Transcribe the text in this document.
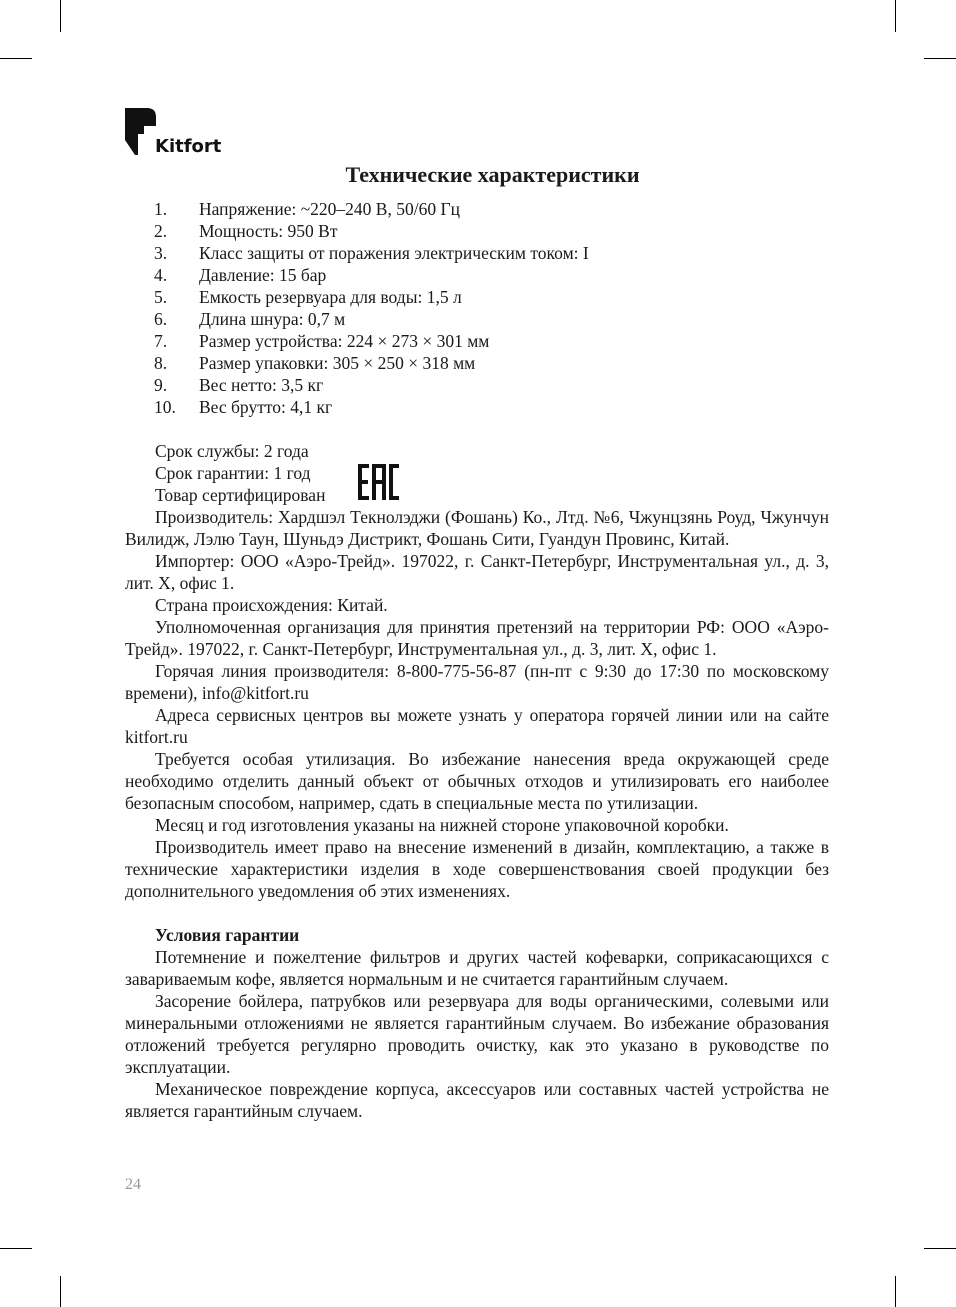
Kitfort
Технические характеристики
1. Напряжение: ~220–240 В, 50/60 Гц
2. Мощность: 950 Вт
3. Класс защиты от поражения электрическим током: I
4. Давление: 15 бар
5. Емкость резервуара для воды: 1,5 л
6. Длина шнура: 0,7 м
7. Размер устройства: 224 × 273 × 301 мм
8. Размер упаковки: 305 × 250 × 318 мм
9. Вес нетто: 3,5 кг
10. Вес брутто: 4,1 кг
Срок службы: 2 года
Срок гарантии: 1 год
Товар сертифицирован

Производитель: Хардшэл Текнолэджи (Фошань) Ко., Лтд. №6, Чжунцзянь Роуд, Чжунчун Вилидж, Лэлю Таун, Шуньдэ Дистрикт, Фошань Сити, Гуандун Провинс, Китай.

Импортер: ООО «Аэро-Трейд». 197022, г. Санкт-Петербург, Инструментальная ул., д. 3, лит. Х, офис 1.

Страна происхождения: Китай.

Уполномоченная организация для принятия претензий на территории РФ: ООО «Аэро-Трейд». 197022, г. Санкт-Петербург, Инструментальная ул., д. 3, лит. Х, офис 1.

Горячая линия производителя: 8-800-775-56-87 (пн-пт с 9:30 до 17:30 по московскому времени), info@kitfort.ru

Адреса сервисных центров вы можете узнать у оператора горячей линии или на сайте kitfort.ru

Требуется особая утилизация. Во избежание нанесения вреда окружающей среде необходимо отделить данный объект от обычных отходов и утилизировать его наиболее безопасным способом, например, сдать в специальные места по утилизации.

Месяц и год изготовления указаны на нижней стороне упаковочной коробки.

Производитель имеет право на внесение изменений в дизайн, комплектацию, а также в технические характеристики изделия в ходе совершенствования своей продукции без дополнительного уведомления об этих изменениях.

Условия гарантии

Потемнение и пожелтение фильтров и других частей кофеварки, соприкасающихся с завариваемым кофе, является нормальным и не считается гарантийным случаем.

Засорение бойлера, патрубков или резервуара для воды органическими, солевыми или минеральными отложениями не является гарантийным случаем. Во избежание образования отложений требуется регулярно проводить очистку, как это указано в руководстве по эксплуатации.

Механическое повреждение корпуса, аксессуаров или составных частей устройства не является гарантийным случаем.

24
